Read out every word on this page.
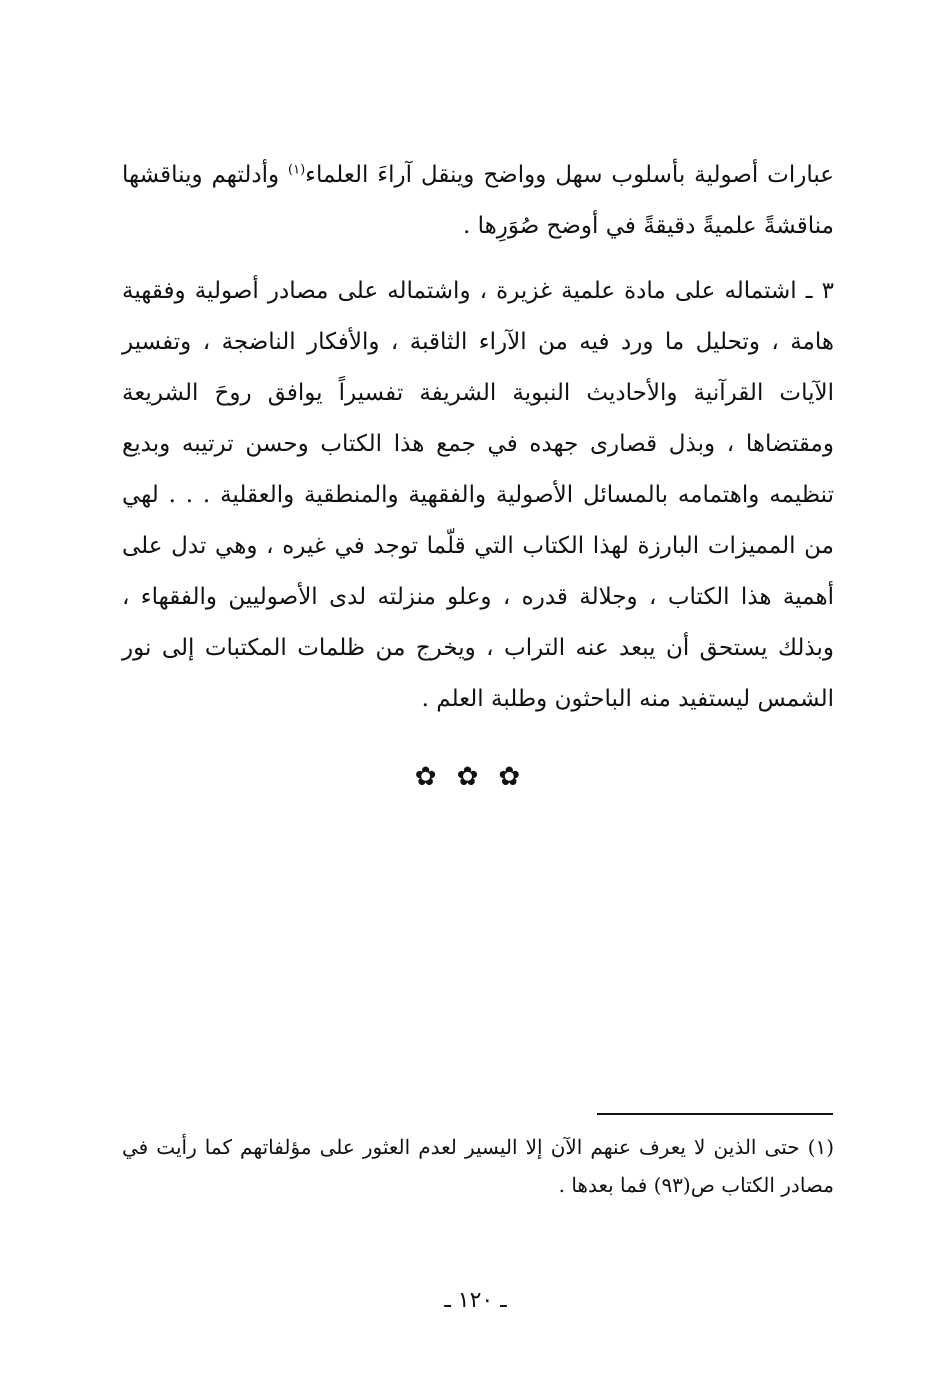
عبارات أصولية بأسلوب سهل وواضح وينقل آراءَ العلماء$^{(١)}$ وأدلتهم ويناقشها مناقشةً علميةً دقيقةً في أوضح صُوَرِها .

٣ ـ اشتماله على مادة علمية غزيرة ، واشتماله على مصادر أصولية وفقهية هامة ، وتحليل ما ورد فيه من الآراء الثاقبة ، والأفكار الناضجة ، وتفسير الآيات القرآنية والأحاديث النبوية الشريفة تفسيراً يوافق روحَ الشريعة ومقتضاها ، وبذل قصارى جهده في جمع هذا الكتاب وحسن ترتيبه وبديع تنظيمه واهتمامه بالمسائل الأصولية والفقهية والمنطقية والعقلية . . . لهي من المميزات البارزة لهذا الكتاب التي قلّما توجد في غيره ، وهي تدل على أهمية هذا الكتاب ، وجلالة قدره ، وعلو منزلته لدى الأصوليين والفقهاء ، وبذلك يستحق أن يبعد عنه التراب ، ويخرج من ظلمات المكتبات إلى نور الشمس ليستفيد منه الباحثون وطلبة العلم .

✿ ✿ ✿
(١)حتى الذين لا يعرف عنهم الآن إلا اليسير لعدم العثور على مؤلفاتهم كما رأيت في مصادر الكتاب ص(٩٣) فما بعدها .
ـ ١٢٠ ـ
